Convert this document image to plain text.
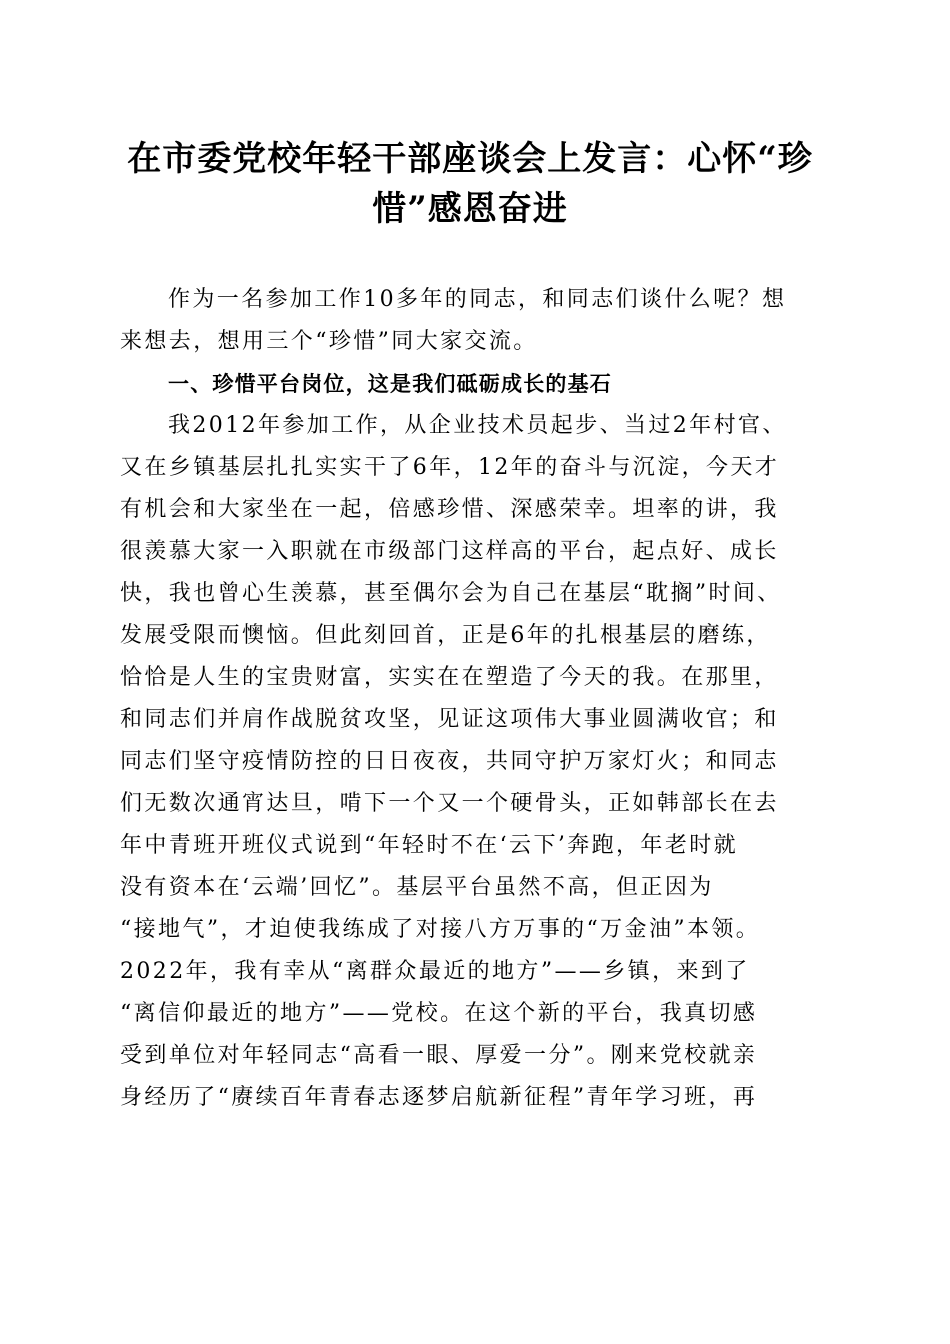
在市委党校年轻干部座谈会上发言：心怀“珍
惜”感恩奋进
作为一名参加工作10多年的同志，和同志们谈什么呢？想
来想去，想用三个“珍惜”同大家交流。
一、珍惜平台岗位，这是我们砥砺成长的基石
我2012年参加工作，从企业技术员起步、当过2年村官、
又在乡镇基层扎扎实实干了6年，12年的奋斗与沉淀，今天才
有机会和大家坐在一起，倍感珍惜、深感荣幸。坦率的讲，我
很羡慕大家一入职就在市级部门这样高的平台，起点好、成长
快，我也曾心生羡慕，甚至偶尔会为自己在基层“耽搁”时间、
发展受限而懊恼。但此刻回首，正是6年的扎根基层的磨练，
恰恰是人生的宝贵财富，实实在在塑造了今天的我。在那里，
和同志们并肩作战脱贫攻坚，见证这项伟大事业圆满收官；和
同志们坚守疫情防控的日日夜夜，共同守护万家灯火；和同志
们无数次通宵达旦，啃下一个又一个硬骨头，正如韩部长在去
年中青班开班仪式说到“年轻时不在‘云下’奔跑，年老时就
没有资本在‘云端’回忆”。基层平台虽然不高，但正因为
“接地气”，才迫使我练成了对接八方万事的“万金油”本领。
2022年，我有幸从“离群众最近的地方”——乡镇，来到了
“离信仰最近的地方”——党校。在这个新的平台，我真切感
受到单位对年轻同志“高看一眼、厚爱一分”。刚来党校就亲
身经历了“赓续百年青春志逐梦启航新征程”青年学习班，再
